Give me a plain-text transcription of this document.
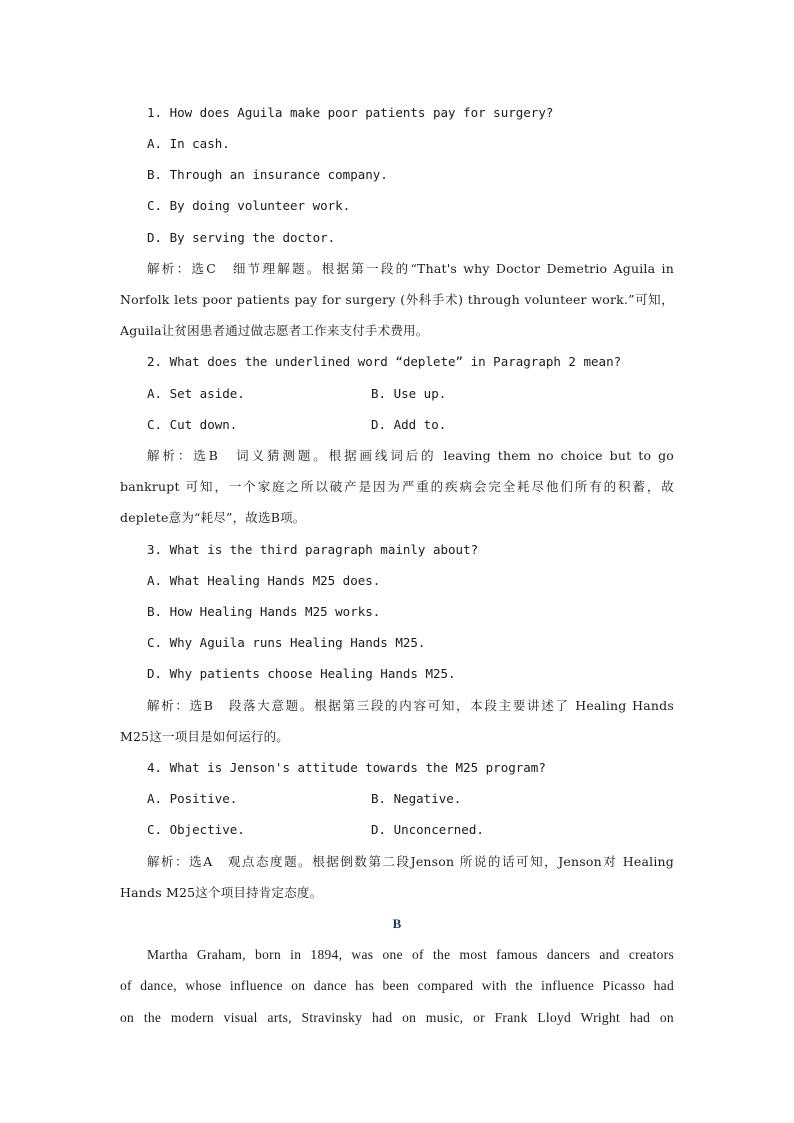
1. How does Aguila make poor patients pay for surgery?
A. In cash.
B. Through an insurance company.
C. By doing volunteer work.
D. By serving the doctor.
解析：选C　细节理解题。根据第一段的“That's why Doctor Demetrio Aguila in
Norfolk lets poor patients pay for surgery (外科手术) through volunteer work.”可知，
Aguila让贫困患者通过做志愿者工作来支付手术费用。
2. What does the underlined word “deplete” in Paragraph 2 mean?
A. Set aside.	B. Use up.
C. Cut down.	D. Add to.
解析：选B　词义猜测题。根据画线词后的 leaving them no choice but to go
bankrupt 可知，一个家庭之所以破产是因为严重的疾病会完全耗尽他们所有的积蓄，故
deplete意为“耗尽”，故选B项。
3. What is the third paragraph mainly about?
A. What Healing Hands M25 does.
B. How Healing Hands M25 works.
C. Why Aguila runs Healing Hands M25.
D. Why patients choose Healing Hands M25.
解析：选B　段落大意题。根据第三段的内容可知，本段主要讲述了 Healing Hands
M25这一项目是如何运行的。
4. What is Jenson's attitude towards the M25 program?
A. Positive.	B. Negative.
C. Objective.	D. Unconcerned.
解析：选A　观点态度题。根据倒数第二段Jenson 所说的话可知，Jenson对 Healing
Hands M25这个项目持肯定态度。
B
Martha Graham, born in 1894, was one of the most famous dancers and creators
of dance, whose influence on dance has been compared with the influence Picasso had
on the modern visual arts, Stravinsky had on music, or Frank Lloyd Wright had on
